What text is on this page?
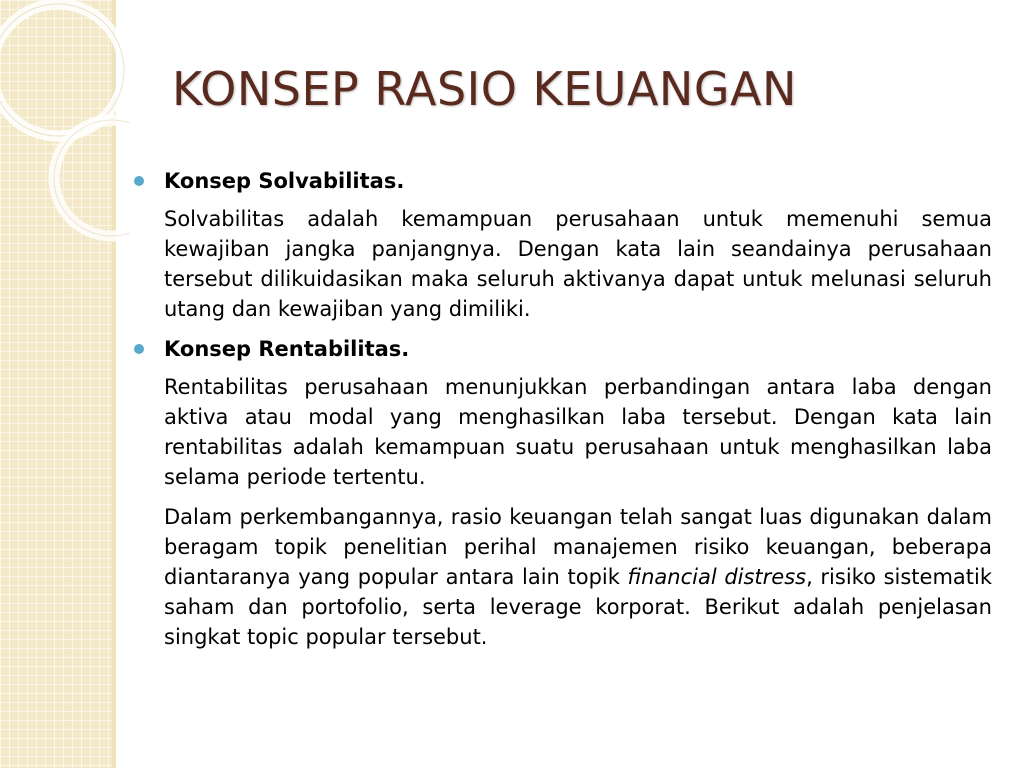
KONSEP RASIO KEUANGAN
Konsep Solvabilitas.
Solvabilitas adalah kemampuan perusahaan untuk memenuhi semua kewajiban jangka panjangnya. Dengan kata lain seandainya perusahaan tersebut dilikuidasikan maka seluruh aktivanya dapat untuk melunasi seluruh utang dan kewajiban yang dimiliki.
Konsep Rentabilitas.
Rentabilitas perusahaan menunjukkan perbandingan antara laba dengan aktiva atau modal yang menghasilkan laba tersebut. Dengan kata lain rentabilitas adalah kemampuan suatu perusahaan untuk menghasilkan laba selama periode tertentu.
Dalam perkembangannya, rasio keuangan telah sangat luas digunakan dalam beragam topik penelitian perihal manajemen risiko keuangan, beberapa diantaranya yang popular antara lain topik financial distress, risiko sistematik saham dan portofolio, serta leverage korporat. Berikut adalah penjelasan singkat topic popular tersebut.
